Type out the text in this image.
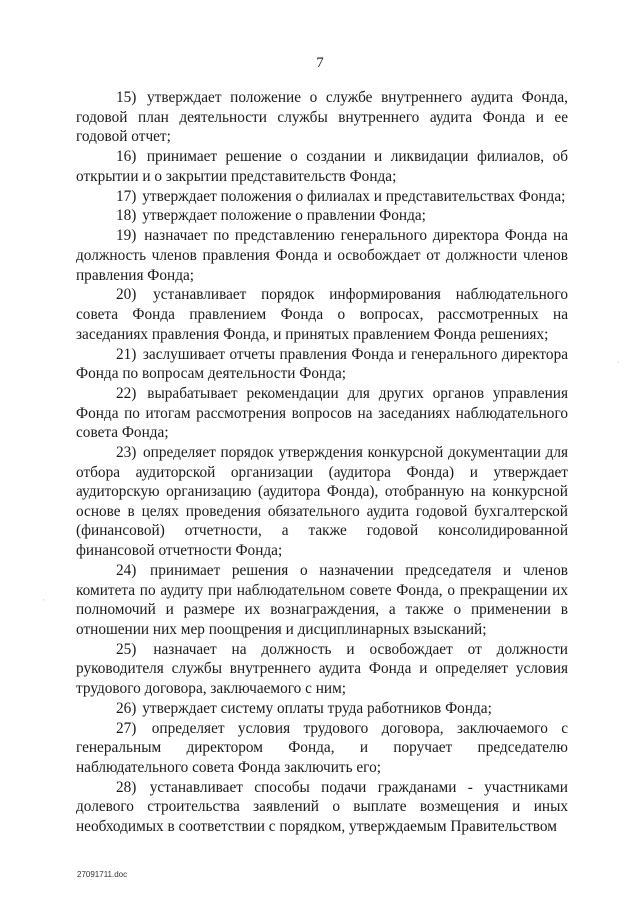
7

15) утверждает положение о службе внутреннего аудита Фонда, годовой план деятельности службы внутреннего аудита Фонда и ее годовой отчет;

16) принимает решение о создании и ликвидации филиалов, об открытии и о закрытии представительств Фонда;

17) утверждает положения о филиалах и представительствах Фонда;

18) утверждает положение о правлении Фонда;

19) назначает по представлению генерального директора Фонда на должность членов правления Фонда и освобождает от должности членов правления Фонда;

20) устанавливает порядок информирования наблюдательного совета Фонда правлением Фонда о вопросах, рассмотренных на заседаниях правления Фонда, и принятых правлением Фонда решениях;

21) заслушивает отчеты правления Фонда и генерального директора Фонда по вопросам деятельности Фонда;

22) вырабатывает рекомендации для других органов управления Фонда по итогам рассмотрения вопросов на заседаниях наблюдательного совета Фонда;

23) определяет порядок утверждения конкурсной документации для отбора аудиторской организации (аудитора Фонда) и утверждает аудиторскую организацию (аудитора Фонда), отобранную на конкурсной основе в целях проведения обязательного аудита годовой бухгалтерской (финансовой) отчетности, а также годовой консолидированной финансовой отчетности Фонда;

24) принимает решения о назначении председателя и членов комитета по аудиту при наблюдательном совете Фонда, о прекращении их полномочий и размере их вознаграждения, а также о применении в отношении них мер поощрения и дисциплинарных взысканий;

25) назначает на должность и освобождает от должности руководителя службы внутреннего аудита Фонда и определяет условия трудового договора, заключаемого с ним;

26) утверждает систему оплаты труда работников Фонда;

27) определяет условия трудового договора, заключаемого с генеральным директором Фонда, и поручает председателю наблюдательного совета Фонда заключить его;

28) устанавливает способы подачи гражданами - участниками долевого строительства заявлений о выплате возмещения и иных необходимых в соответствии с порядком, утверждаемым Правительством

27091711.doc
·
·
